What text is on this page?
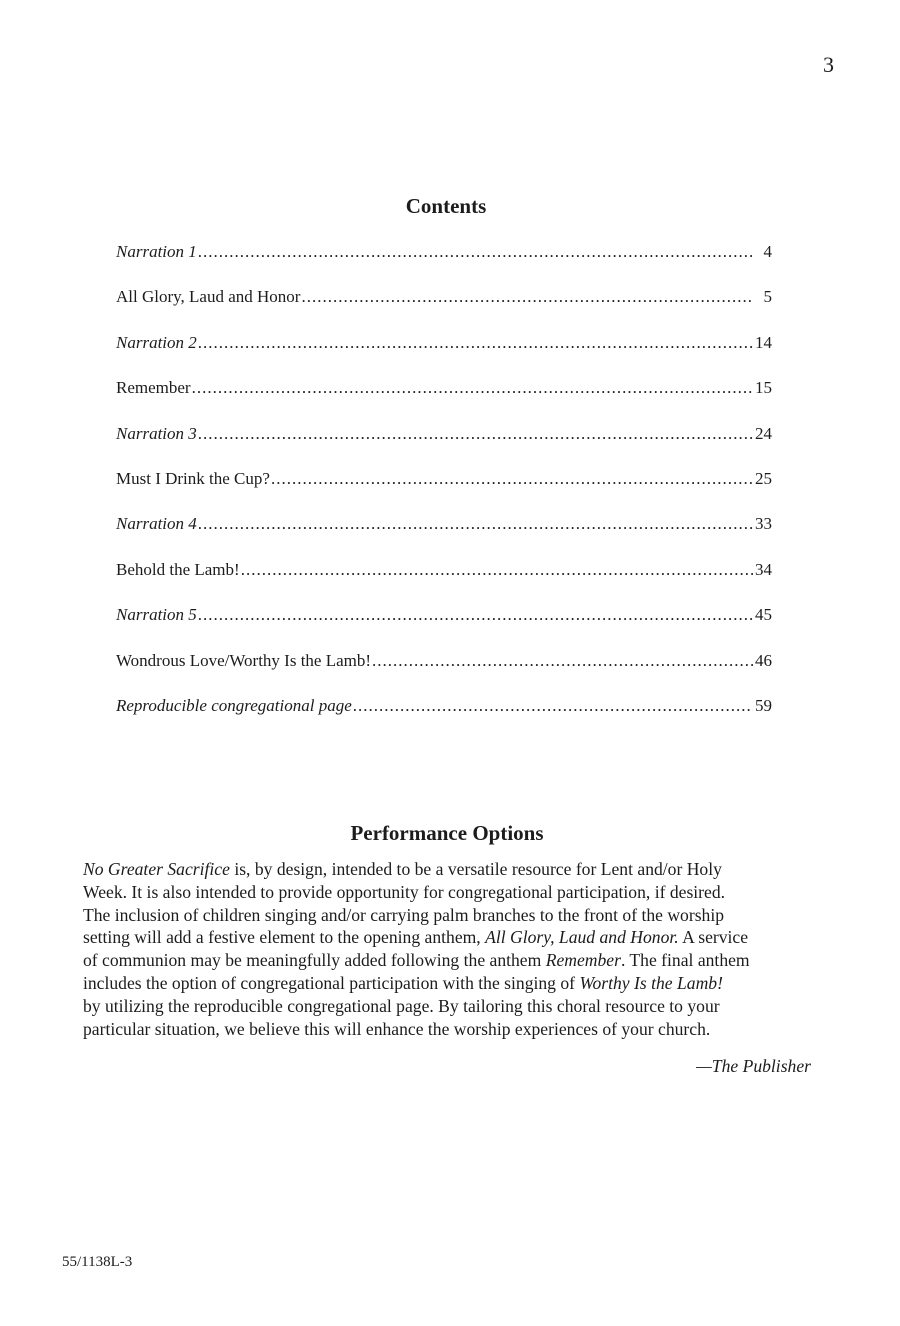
3
Contents
Narration 1 .....	4
All Glory, Laud and Honor .....	5
Narration 2 .....	14
Remember .....	15
Narration 3 .....	24
Must I Drink the Cup? .....	25
Narration 4 .....	33
Behold the Lamb! .....	34
Narration 5 .....	45
Wondrous Love/Worthy Is the Lamb! .....	46
Reproducible congregational page .....	59
Performance Options

No Greater Sacrifice is, by design, intended to be a versatile resource for Lent and/or Holy
Week. It is also intended to provide opportunity for congregational participation, if desired.
The inclusion of children singing and/or carrying palm branches to the front of the worship
setting will add a festive element to the opening anthem, All Glory, Laud and Honor. A service
of communion may be meaningfully added following the anthem Remember. The final anthem
includes the option of congregational participation with the singing of Worthy Is the Lamb!
by utilizing the reproducible congregational page. By tailoring this choral resource to your
particular situation, we believe this will enhance the worship experiences of your church.

—The Publisher
55/1138L-3
